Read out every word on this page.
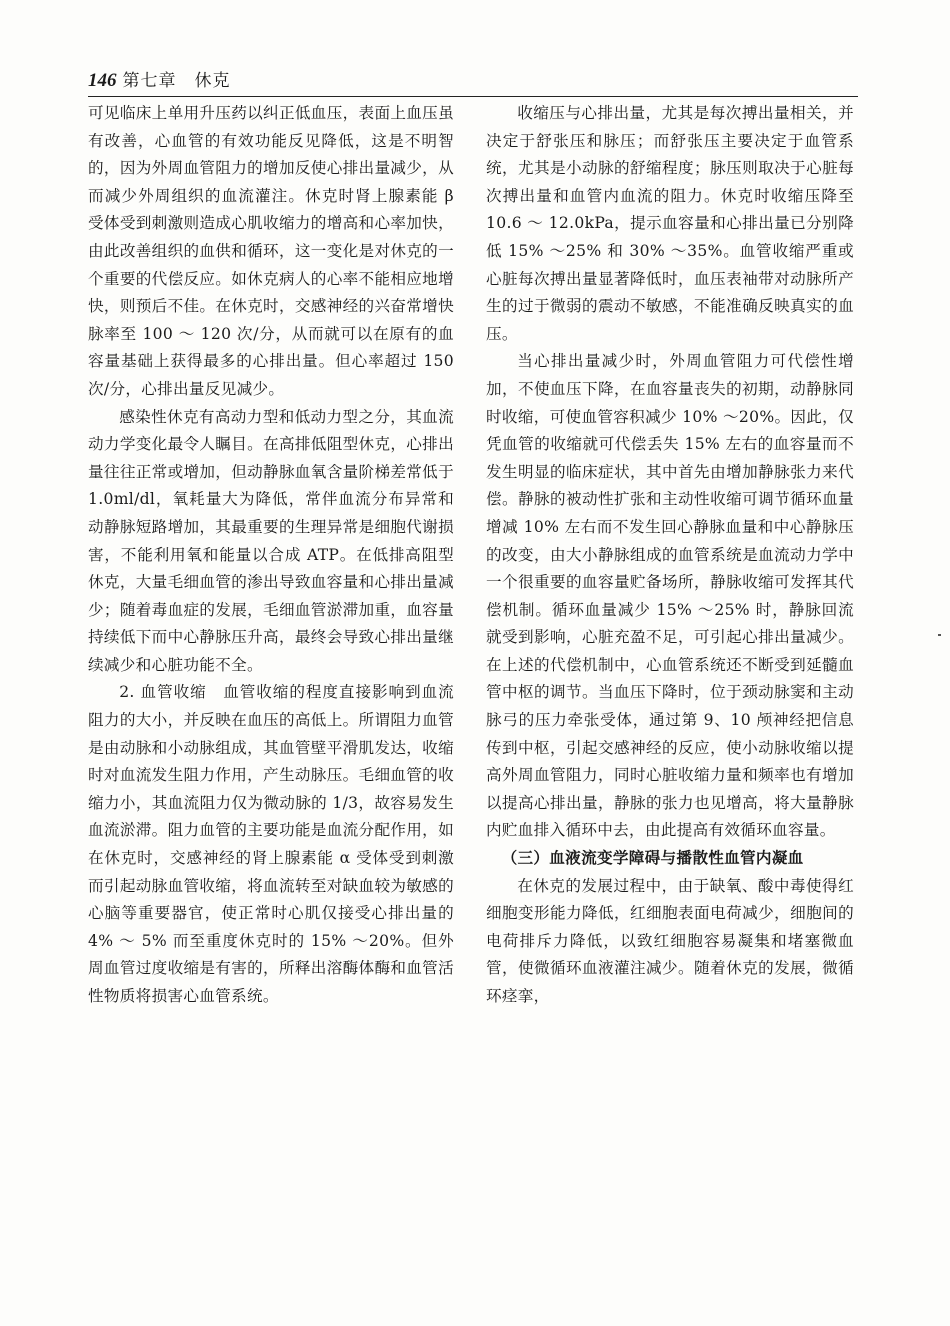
146 第七章　休克

可见临床上单用升压药以纠正低血压，表面上血压虽有改善，心血管的有效功能反见降低，这是不明智的，因为外周血管阻力的增加反使心排出量减少，从而减少外周组织的血流灌注。休克时肾上腺素能 β 受体受到刺激则造成心肌收缩力的增高和心率加快，由此改善组织的血供和循环，这一变化是对休克的一个重要的代偿反应。如休克病人的心率不能相应地增快，则预后不佳。在休克时，交感神经的兴奋常增快脉率至 100 ～ 120 次/分，从而就可以在原有的血容量基础上获得最多的心排出量。但心率超过 150 次/分，心排出量反见减少。

感染性休克有高动力型和低动力型之分，其血流动力学变化最令人瞩目。在高排低阻型休克，心排出量往往正常或增加，但动静脉血氧含量阶梯差常低于 1.0ml/dl，氧耗量大为降低，常伴血流分布异常和动静脉短路增加，其最重要的生理异常是细胞代谢损害，不能利用氧和能量以合成 ATP。在低排高阻型休克，大量毛细血管的渗出导致血容量和心排出量减少；随着毒血症的发展，毛细血管淤滞加重，血容量持续低下而中心静脉压升高，最终会导致心排出量继续减少和心脏功能不全。

2. 血管收缩　血管收缩的程度直接影响到血流阻力的大小，并反映在血压的高低上。所谓阻力血管是由动脉和小动脉组成，其血管壁平滑肌发达，收缩时对血流发生阻力作用，产生动脉压。毛细血管的收缩力小，其血流阻力仅为微动脉的 1/3，故容易发生血流淤滞。阻力血管的主要功能是血流分配作用，如在休克时，交感神经的肾上腺素能 α 受体受到刺激而引起动脉血管收缩，将血流转至对缺血较为敏感的心脑等重要器官，使正常时心肌仅接受心排出量的 4% ～ 5% 而至重度休克时的 15% ～20%。但外周血管过度收缩是有害的，所释出溶酶体酶和血管活性物质将损害心血管系统。

收缩压与心排出量，尤其是每次搏出量相关，并决定于舒张压和脉压；而舒张压主要决定于血管系统，尤其是小动脉的舒缩程度；脉压则取决于心脏每次搏出量和血管内血流的阻力。休克时收缩压降至 10.6 ～ 12.0kPa，提示血容量和心排出量已分别降低 15% ～25% 和 30% ～35%。血管收缩严重或心脏每次搏出量显著降低时，血压表袖带对动脉所产生的过于微弱的震动不敏感，不能准确反映真实的血压。

当心排出量减少时，外周血管阻力可代偿性增加，不使血压下降，在血容量丧失的初期，动静脉同时收缩，可使血管容积减少 10% ～20%。因此，仅凭血管的收缩就可代偿丢失 15% 左右的血容量而不发生明显的临床症状，其中首先由增加静脉张力来代偿。静脉的被动性扩张和主动性收缩可调节循环血量增减 10% 左右而不发生回心静脉血量和中心静脉压的改变，由大小静脉组成的血管系统是血流动力学中一个很重要的血容量贮备场所，静脉收缩可发挥其代偿机制。循环血量减少 15% ～25% 时，静脉回流就受到影响，心脏充盈不足，可引起心排出量减少。在上述的代偿机制中，心血管系统还不断受到延髓血管中枢的调节。当血压下降时，位于颈动脉窦和主动脉弓的压力牵张受体，通过第 9、10 颅神经把信息传到中枢，引起交感神经的反应，使小动脉收缩以提高外周血管阻力，同时心脏收缩力量和频率也有增加以提高心排出量，静脉的张力也见增高，将大量静脉内贮血排入循环中去，由此提高有效循环血容量。

（三）血液流变学障碍与播散性血管内凝血

在休克的发展过程中，由于缺氧、酸中毒使得红细胞变形能力降低，红细胞表面电荷减少，细胞间的电荷排斥力降低，以致红细胞容易凝集和堵塞微血管，使微循环血液灌注减少。随着休克的发展，微循环痉挛，
